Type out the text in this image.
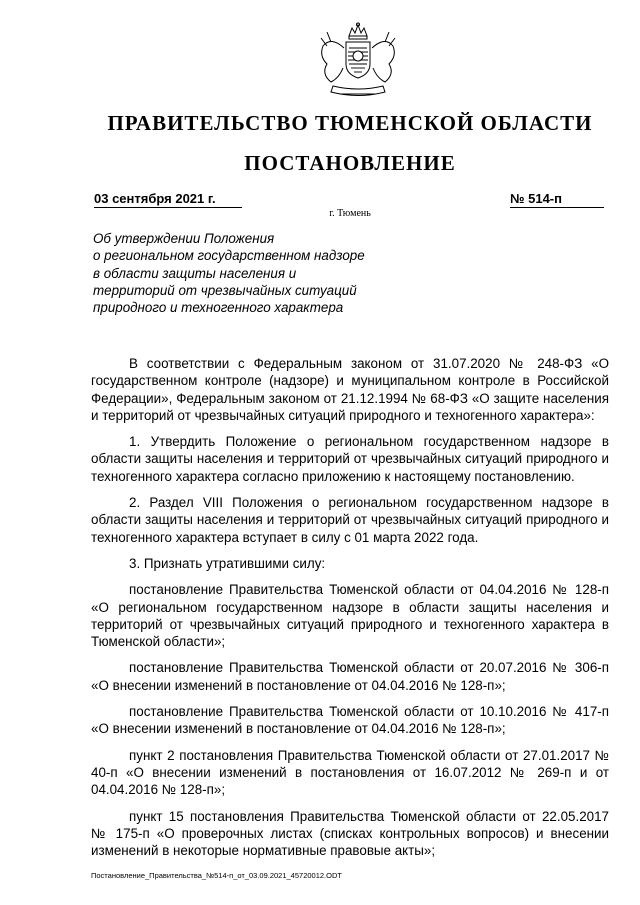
ПРАВИТЕЛЬСТВО ТЮМЕНСКОЙ ОБЛАСТИ
ПОСТАНОВЛЕНИЕ
03 сентября 2021 г.	№ 514-п
г. Тюмень
Об утверждении Положения
о региональном государственном надзоре
в области защиты населения и
территорий от чрезвычайных ситуаций
природного и техногенного характера

В соответствии с Федеральным законом от 31.07.2020 № 248-ФЗ «О государственном контроле (надзоре) и муниципальном контроле в Российской Федерации», Федеральным законом от 21.12.1994 № 68-ФЗ «О защите населения и территорий от чрезвычайных ситуаций природного и техногенного характера»:

1. Утвердить Положение о региональном государственном надзоре в области защиты населения и территорий от чрезвычайных ситуаций природного и техногенного характера согласно приложению к настоящему постановлению.

2. Раздел VIII Положения о региональном государственном надзоре в области защиты населения и территорий от чрезвычайных ситуаций природного и техногенного характера вступает в силу с 01 марта 2022 года.

3. Признать утратившими силу:

постановление Правительства Тюменской области от 04.04.2016 № 128-п «О региональном государственном надзоре в области защиты населения и территорий от чрезвычайных ситуаций природного и техногенного характера в Тюменской области»;

постановление Правительства Тюменской области от 20.07.2016 № 306-п «О внесении изменений в постановление от 04.04.2016 № 128-п»;

постановление Правительства Тюменской области от 10.10.2016 № 417-п «О внесении изменений в постановление от 04.04.2016 № 128-п»;

пункт 2 постановления Правительства Тюменской области от 27.01.2017 № 40-п «О внесении изменений в постановления от 16.07.2012 № 269-п и от 04.04.2016 № 128-п»;

пункт 15 постановления Правительства Тюменской области от 22.05.2017 № 175-п «О проверочных листах (списках контрольных вопросов) и внесении изменений в некоторые нормативные правовые акты»;

Постановление_Правительства_№514-п_от_03.09.2021_45720012.ODT
